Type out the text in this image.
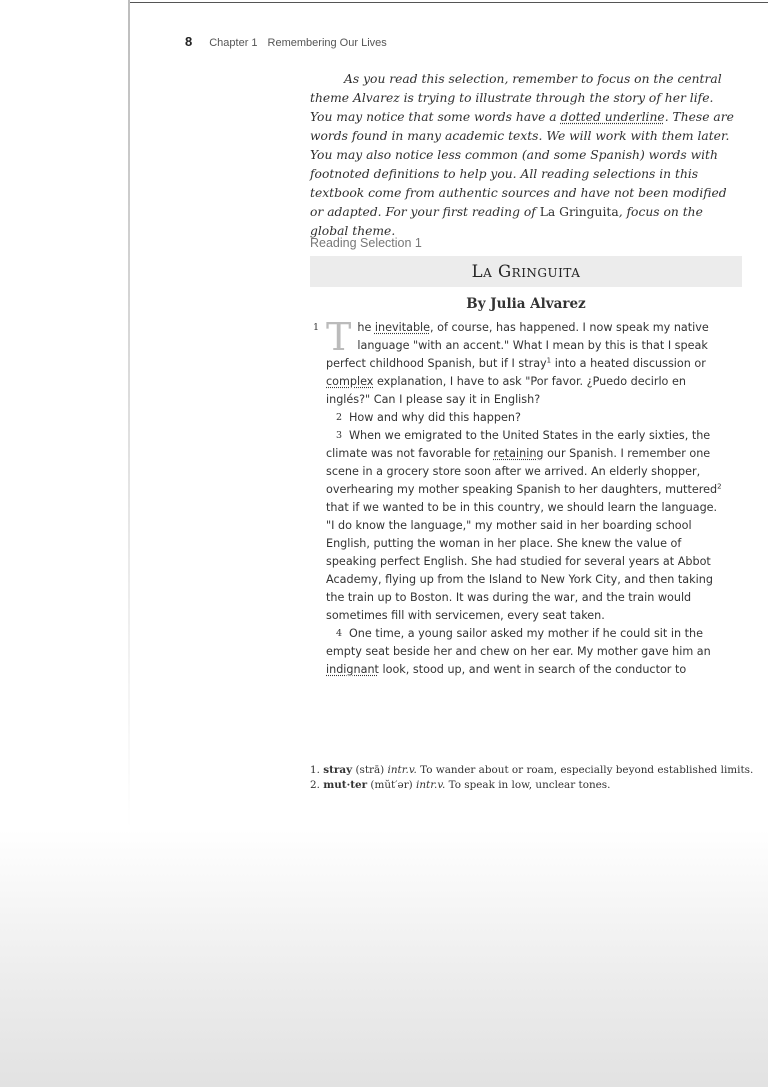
8 Chapter 1 Remembering Our Lives

As you read this selection, remember to focus on the central theme Alvarez is trying to illustrate through the story of her life. You may notice that some words have a dotted underline. These are words found in many academic texts. We will work with them later. You may also notice less common (and some Spanish) words with footnoted definitions to help you. All reading selections in this textbook come from authentic sources and have not been modified or adapted. For your first reading of La Gringuita, focus on the global theme.

Reading Selection 1
La Gringuita
By Julia Alvarez

1 T he inevitable, of course, has happened. I now speak my native language "with an accent." What I mean by this is that I speak perfect childhood Spanish, but if I stray$^1$ into a heated discussion or complex explanation, I have to ask "Por favor. ¿Puedo decirlo en inglés?" Can I please say it in English?

2 How and why did this happen?

3 When we emigrated to the United States in the early sixties, the climate was not favorable for retaining our Spanish. I remember one scene in a grocery store soon after we arrived. An elderly shopper, overhearing my mother speaking Spanish to her daughters, muttered$^2$ that if we wanted to be in this country, we should learn the language. "I do know the language," my mother said in her boarding school English, putting the woman in her place. She knew the value of speaking perfect English. She had studied for several years at Abbot Academy, flying up from the Island to New York City, and then taking the train up to Boston. It was during the war, and the train would sometimes fill with servicemen, every seat taken.

4 One time, a young sailor asked my mother if he could sit in the empty seat beside her and chew on her ear. My mother gave him an indignant look, stood up, and went in search of the conductor to

1. stray (strā) intr.v. To wander about or roam, especially beyond established limits.
2. mut·ter (mŭt′ər) intr.v. To speak in low, unclear tones.
